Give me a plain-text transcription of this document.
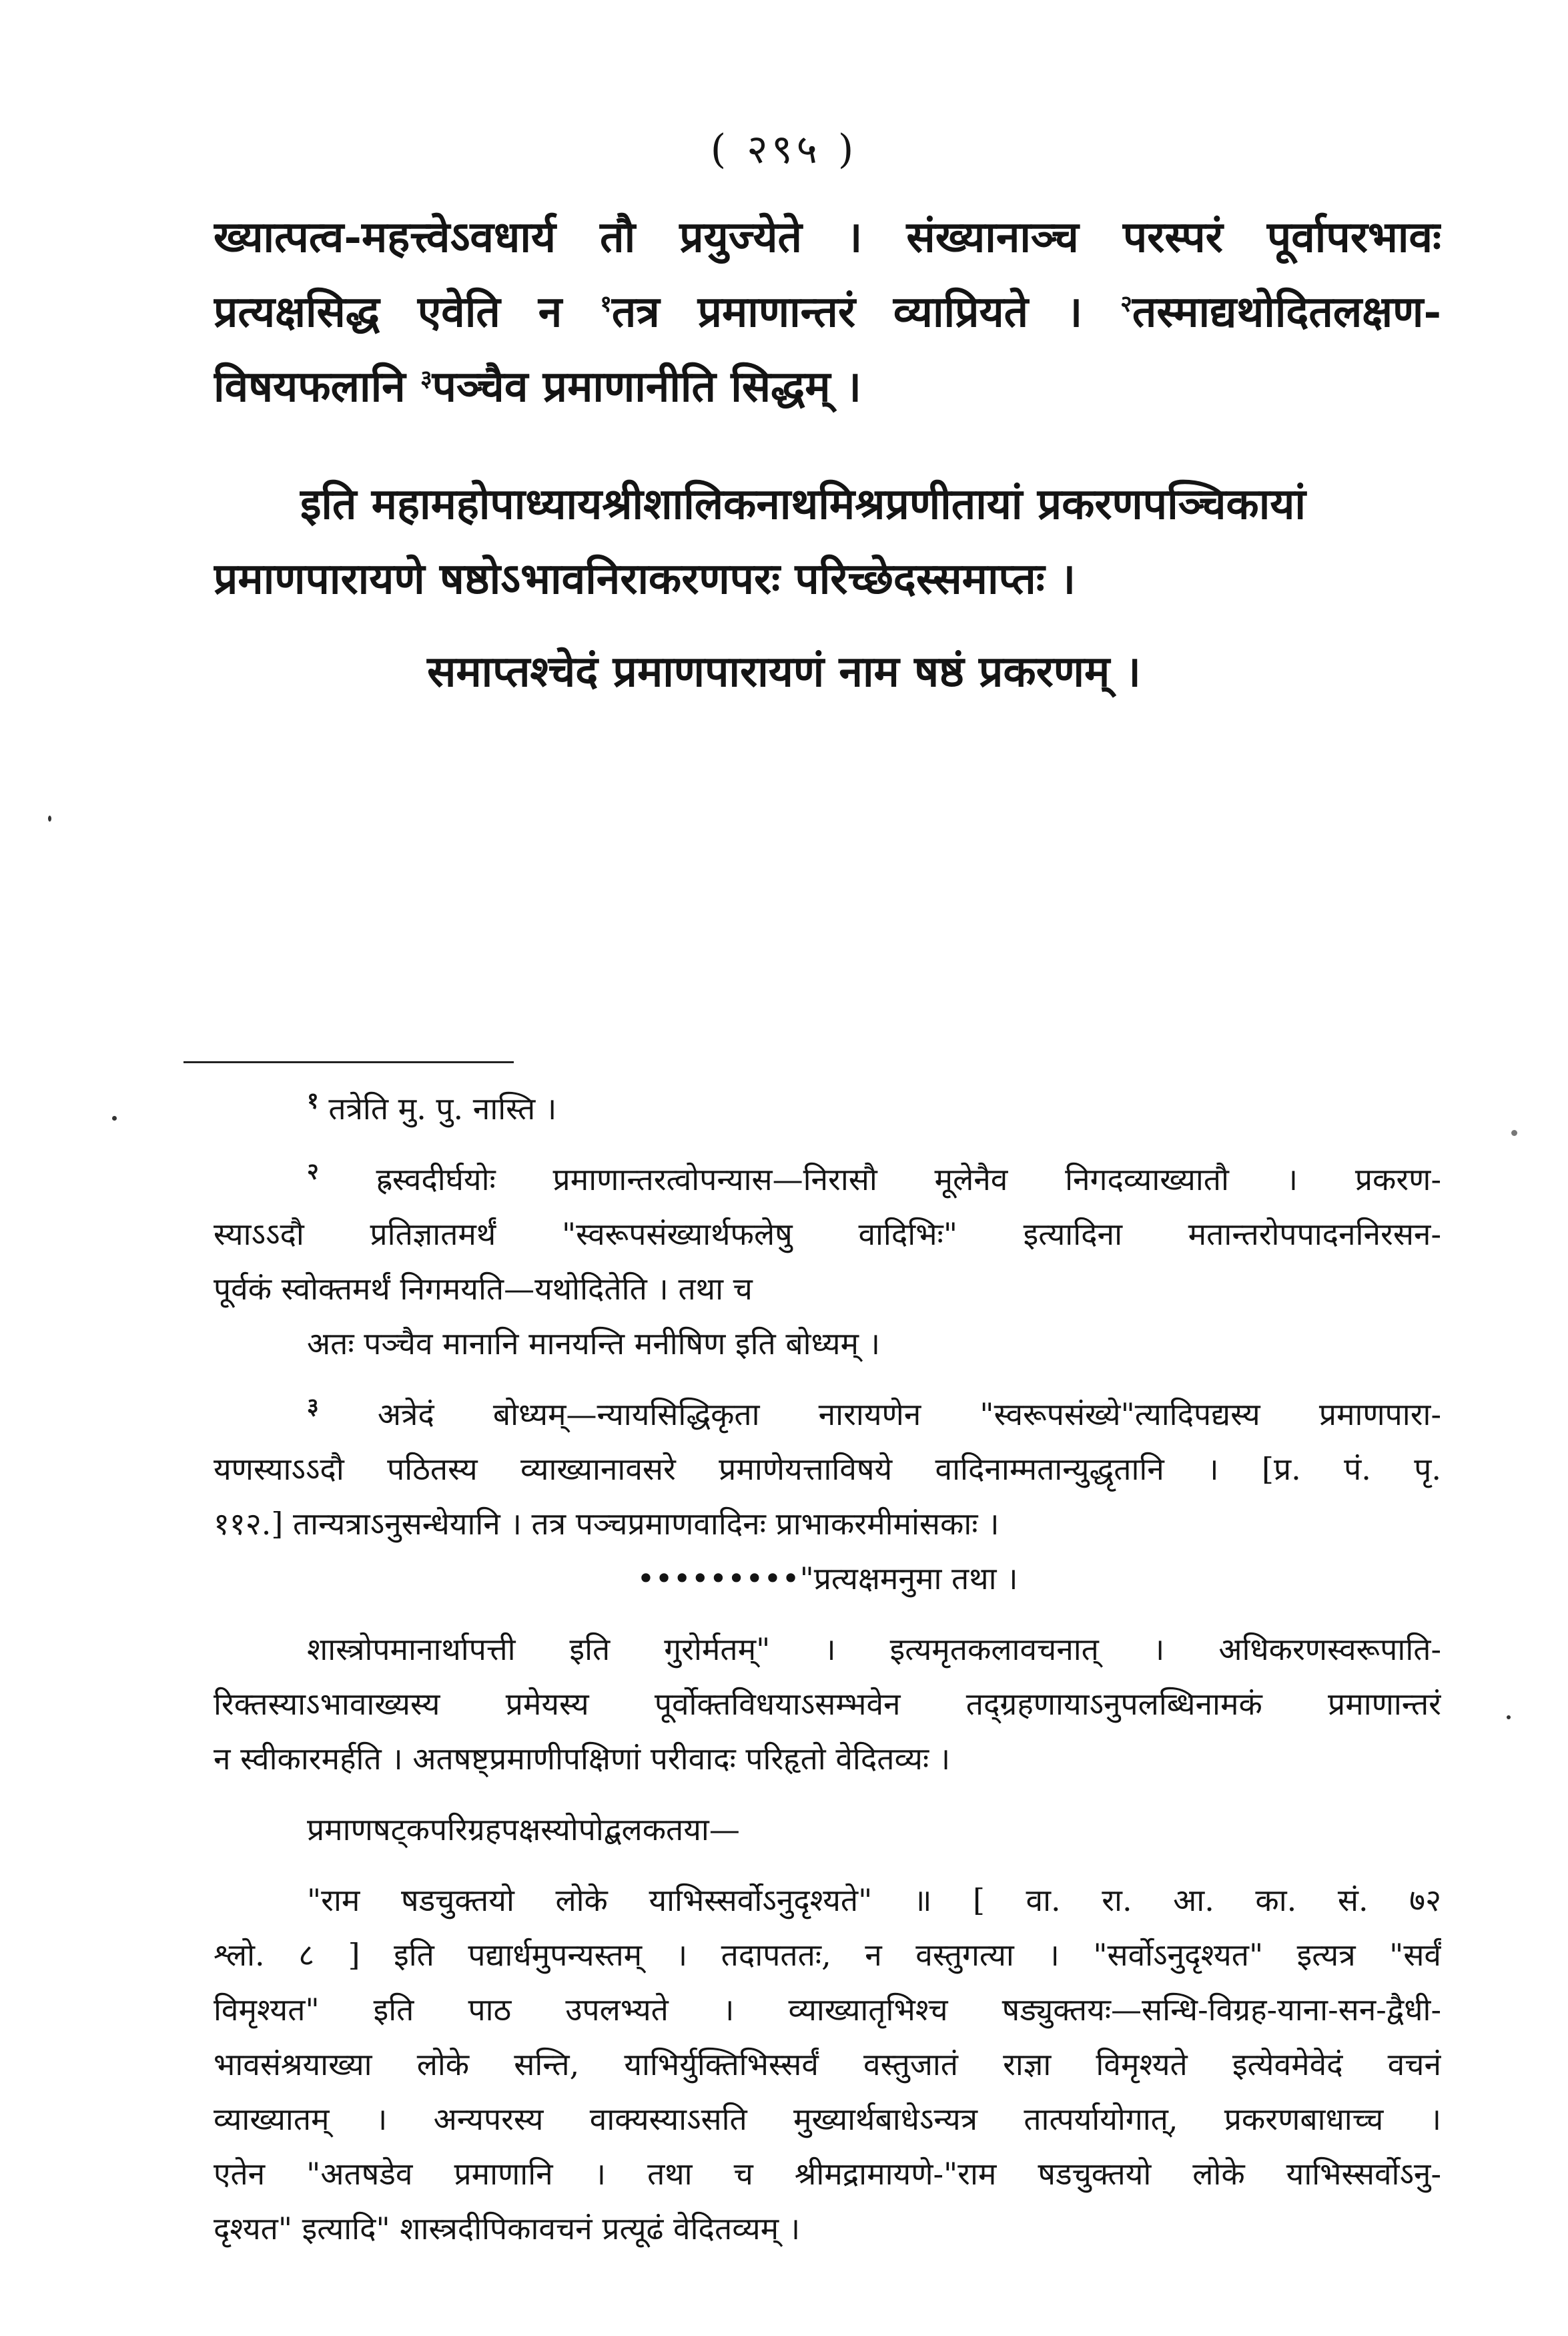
( २९५ )
ख्यात्पत्व-महत्त्वेऽवधार्य तौ प्रयुज्येते । संख्यानाञ्च परस्परं पूर्वापरभावः
प्रत्यक्षसिद्ध एवेति न $^१$तत्र प्रमाणान्तरं व्याप्रियते । $^२$तस्माद्यथोदितलक्षण-
विषयफलानि $^३$पञ्चैव प्रमाणानीति सिद्धम् ।
इति महामहोपाध्यायश्रीशालिकनाथमिश्रप्रणीतायां प्रकरणपञ्चिकायां
प्रमाणपारायणे षष्ठोऽभावनिराकरणपरः परिच्छेदस्समाप्तः ।
समाप्तश्चेदं प्रमाणपारायणं नाम षष्ठं प्रकरणम् ।
$^१$ तत्रेति मु. पु. नास्ति ।
$^२$ ह्रस्वदीर्घयोः प्रमाणान्तरत्वोपन्यास—निरासौ मूलेनैव निगदव्याख्यातौ । प्रकरण-
स्याऽऽदौ प्रतिज्ञातमर्थं "स्वरूपसंख्यार्थफलेषु वादिभिः" इत्यादिना मतान्तरोपपादननिरसन-
पूर्वकं स्वोक्तमर्थं निगमयति—यथोदितेति । तथा च
अतः पञ्चैव मानानि मानयन्ति मनीषिण इति बोध्यम् ।
$^३$ अत्रेदं बोध्यम्—न्यायसिद्धिकृता नारायणेन "स्वरूपसंख्ये"त्यादिपद्यस्य प्रमाणपारा-
यणस्याऽऽदौ पठितस्य व्याख्यानावसरे प्रमाणेयत्ताविषये वादिनाम्मतान्युद्धृतानि । [प्र. पं. पृ.
११२.] तान्यत्राऽनुसन्धेयानि । तत्र पञ्चप्रमाणवादिनः प्राभाकरमीमांसकाः ।
•••••••••"प्रत्यक्षमनुमा तथा ।
शास्त्रोपमानार्थापत्ती इति गुरोर्मतम्" । इत्यमृतकलावचनात् । अधिकरणस्वरूपाति-
रिक्तस्याऽभावाख्यस्य प्रमेयस्य पूर्वोक्तविधयाऽसम्भवेन तद्ग्रहणायाऽनुपलब्धिनामकं प्रमाणान्तरं
न स्वीकारमर्हति । अतषष्ट्प्रमाणीपक्षिणां परीवादः परिहृतो वेदितव्यः ।
प्रमाणषट्कपरिग्रहपक्षस्योपोद्बलकतया—
"राम षडचुक्तयो लोके याभिस्सर्वोऽनुदृश्यते" ॥ [ वा. रा. आ. का. सं. ७२
श्लो. ८ ] इति पद्यार्धमुपन्यस्तम् । तदापततः, न वस्तुगत्या । "सर्वोऽनुदृश्यत" इत्यत्र "सर्वं
विमृश्यत" इति पाठ उपलभ्यते । व्याख्यातृभिश्च षड्युक्तयः—सन्धि-विग्रह-याना-सन-द्वैधी-
भावसंश्रयाख्या लोके सन्ति, याभिर्युक्तिभिस्सर्वं वस्तुजातं राज्ञा विमृश्यते इत्येवमेवेदं वचनं
व्याख्यातम् । अन्यपरस्य वाक्यस्याऽसति मुख्यार्थबाधेऽन्यत्र तात्पर्यायोगात्, प्रकरणबाधाच्च ।
एतेन "अतषडेव प्रमाणानि । तथा च श्रीमद्रामायणे-"राम षडचुक्तयो लोके याभिस्सर्वोऽनु-
दृश्यत" इत्यादि" शास्त्रदीपिकावचनं प्रत्यूढं वेदितव्यम् ।
